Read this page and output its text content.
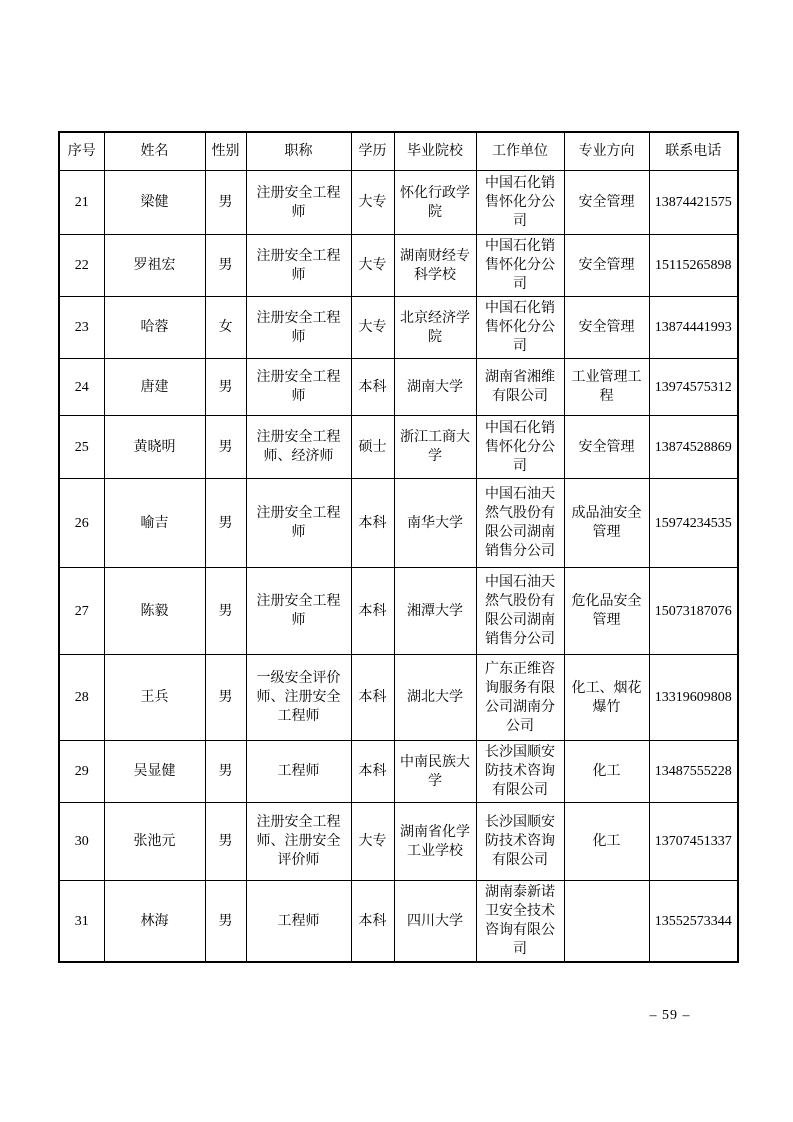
序号	姓名	性别	职称	学历	毕业院校	工作单位	专业方向	联系电话
21	梁健	男	注册安全工程师	大专	怀化行政学院	中国石化销售怀化分公司	安全管理	13874421575
22	罗祖宏	男	注册安全工程师	大专	湖南财经专科学校	中国石化销售怀化分公司	安全管理	15115265898
23	哈蓉	女	注册安全工程师	大专	北京经济学院	中国石化销售怀化分公司	安全管理	13874441993
24	唐建	男	注册安全工程师	本科	湖南大学	湖南省湘维有限公司	工业管理工程	13974575312
25	黄晓明	男	注册安全工程师、经济师	硕士	浙江工商大学	中国石化销售怀化分公司	安全管理	13874528869
26	喻吉	男	注册安全工程师	本科	南华大学	中国石油天然气股份有限公司湖南销售分公司	成品油安全管理	15974234535
27	陈毅	男	注册安全工程师	本科	湘潭大学	中国石油天然气股份有限公司湖南销售分公司	危化品安全管理	15073187076
28	王兵	男	一级安全评价师、注册安全工程师	本科	湖北大学	广东正维咨询服务有限公司湖南分公司	化工、烟花爆竹	13319609808
29	吴显健	男	工程师	本科	中南民族大学	长沙国顺安防技术咨询有限公司	化工	13487555228
30	张池元	男	注册安全工程师、注册安全评价师	大专	湖南省化学工业学校	长沙国顺安防技术咨询有限公司	化工	13707451337
31	林海	男	工程师	本科	四川大学	湖南泰新诺卫安全技术咨询有限公司		13552573344
– 59 –
